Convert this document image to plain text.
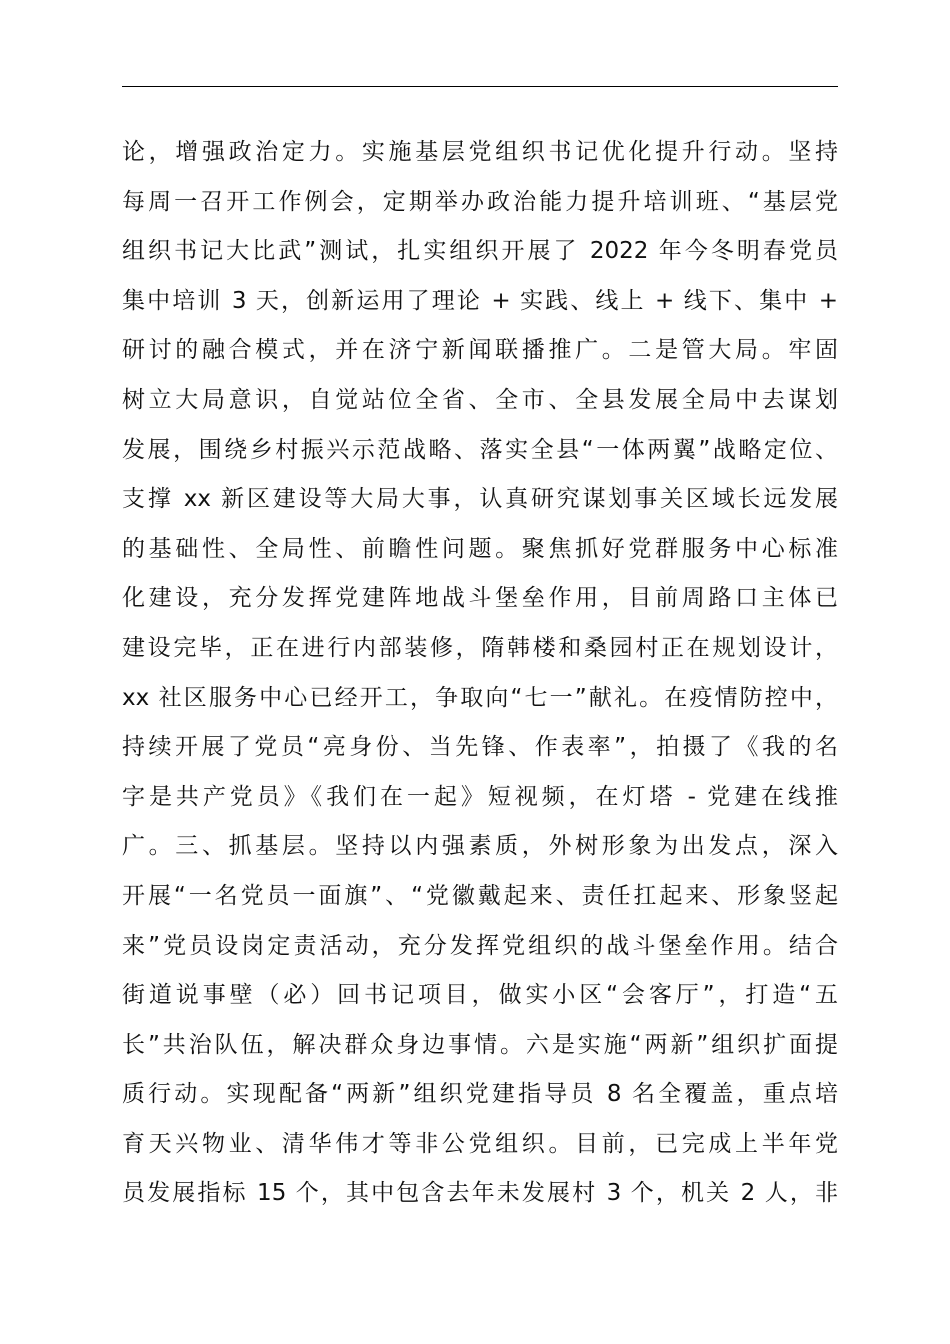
论，增强政治定力。实施基层党组织书记优化提升行动。坚持
每周一召开工作例会，定期举办政治能力提升培训班、“基层党
组织书记大比武”测试，扎实组织开展了 2022 年今冬明春党员
集中培训 3 天，创新运用了理论 + 实践、线上 + 线下、集中 +
研讨的融合模式，并在济宁新闻联播推广。二是管大局。牢固
树立大局意识，自觉站位全省、全市、全县发展全局中去谋划
发展，围绕乡村振兴示范战略、落实全县“一体两翼”战略定位、
支撑 xx 新区建设等大局大事，认真研究谋划事关区域长远发展
的基础性、全局性、前瞻性问题。聚焦抓好党群服务中心标准
化建设，充分发挥党建阵地战斗堡垒作用，目前周路口主体已
建设完毕，正在进行内部装修，隋韩楼和桑园村正在规划设计，
xx 社区服务中心已经开工，争取向“七一”献礼。在疫情防控中，
持续开展了党员“亮身份、当先锋、作表率”，拍摄了《我的名
字是共产党员》《我们在一起》短视频，在灯塔 - 党建在线推
广。三、抓基层。坚持以内强素质，外树形象为出发点，深入
开展“一名党员一面旗”、“党徽戴起来、责任扛起来、形象竖起
来”党员设岗定责活动，充分发挥党组织的战斗堡垒作用。结合
街道说事壁（必）回书记项目，做实小区“会客厅”，打造“五
长”共治队伍，解决群众身边事情。六是实施“两新”组织扩面提
质行动。实现配备“两新”组织党建指导员 8 名全覆盖，重点培
育天兴物业、清华伟才等非公党组织。目前，已完成上半年党
员发展指标 15 个，其中包含去年未发展村 3 个，机关 2 人，非
